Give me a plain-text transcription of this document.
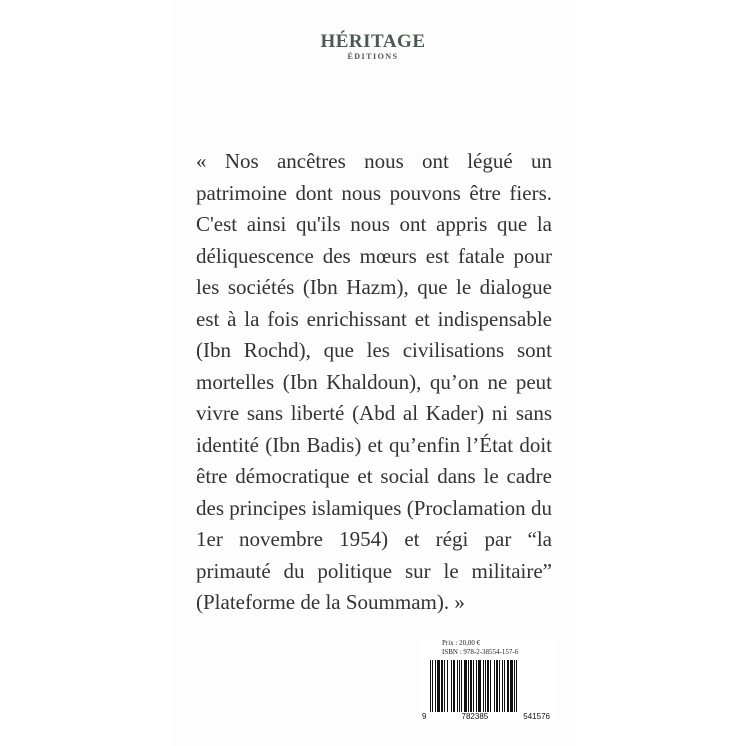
HÉRITAGE
ÉDITIONS

« Nos ancêtres nous ont légué un patrimoine dont nous pouvons être fiers. C'est ainsi qu'ils nous ont appris que la déliquescence des mœurs est fatale pour les sociétés (Ibn Hazm), que le dialogue est à la fois enrichissant et indispensable (Ibn Rochd), que les civilisations sont mortelles (Ibn Khaldoun), qu’on ne peut vivre sans liberté (Abd al Kader) ni sans identité (Ibn Badis) et qu’enfin l’État doit être démocratique et social dans le cadre des principes islamiques (Proclamation du 1er novembre 1954) et régi par “la primauté du politique sur le militaire” (Plateforme de la Soummam). »

Prix : 20,00 €
ISBN : 978-2-38554-157-6
9	782385	541576
